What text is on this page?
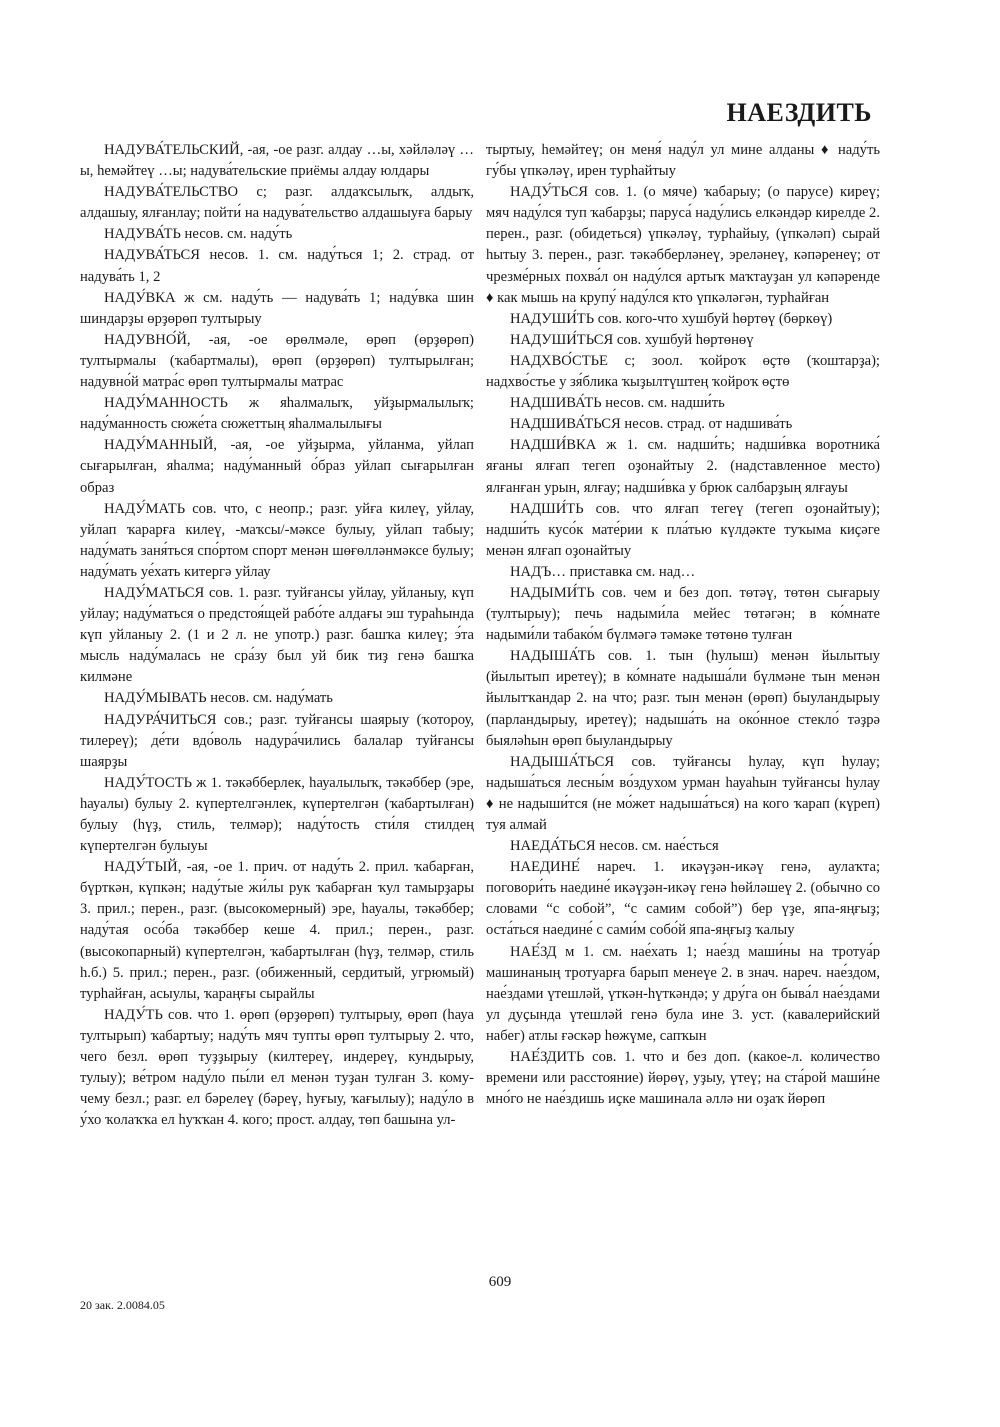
НАЕЗДИТЬ

НАДУВА́ТЕЛЬСКИЙ, -ая, -ое разг. алдау …ы, хәйләләү …ы, һемәйтеү …ы; надува́тельские приёмы алдау юлдары

НАДУВА́ТЕЛЬСТВО с; разг. алдаҡсылыҡ, алдыҡ, алдашыу, ялғанлау; пойти́ на надува́тельство алдашыуға барыу

НАДУВА́ТЬ несов. см. наду́ть

НАДУВА́ТЬСЯ несов. 1. см. наду́ться 1; 2. страд. от надува́ть 1, 2

НАДУ́ВКА ж см. наду́ть — надува́ть 1; наду́вка шин шиндарҙы өрҙөрөп тултырыу

НАДУВНО́Й, -ая, -ое өрөлмәле, өрөп (өрҙөрөп) тултырмалы (ҡабартмалы), өрөп (өрҙөрөп) тултырылған; надувно́й матра́с өрөп тултырмалы матрас

НАДУ́МАННОСТЬ ж яһалмалыҡ, уйҙырмалылыҡ; наду́манность сюже́та сюжеттың яһалмалылығы

НАДУ́МАННЫЙ, -ая, -ое уйҙырма, уйланма, уйлап сығарылған, яһалма; наду́манный о́браз уйлап сығарылған образ

НАДУ́МАТЬ сов. что, с неопр.; разг. уйға килеү, уйлау, уйлап ҡарарға килеү, -маҡсы/-мәксе булыу, уйлап табыу; наду́мать заня́ться спо́ртом спорт менән шөғөлләнмәксе булыу; наду́мать уе́хать китергә уйлау

НАДУ́МАТЬСЯ сов. 1. разг. туйғансы уйлау, уйланыу, күп уйлау; наду́маться о предстоя́щей рабо́те алдағы эш тураһында күп уйланыу 2. (1 и 2 л. не употр.) разг. башҡа килеү; э́та мысль наду́малась не сра́зу был уй бик тиҙ генә башҡа килмәне

НАДУ́МЫВАТЬ несов. см. наду́мать

НАДУРА́ЧИТЬСЯ сов.; разг. туйғансы шаярыу (ҡотороу, тилереү); де́ти вдо́воль надура́чились балалар туйғансы шаярҙы

НАДУ́ТОСТЬ ж 1. тәкәбберлек, һауалылыҡ, тәкәббер (эре, һауалы) булыу 2. күпертелгәнлек, күпертелгән (ҡабартылған) булыу (һүҙ, стиль, телмәр); наду́тость сти́ля стилдең күпертелгән булыуы

НАДУ́ТЫЙ, -ая, -ое 1. прич. от наду́ть 2. прил. ҡабарған, бүрткән, күпкән; наду́тые жи́лы рук ҡабарған ҡул тамырҙары 3. прил.; перен., разг. (высокомерный) эре, һауалы, тәкәббер; наду́тая осо́ба тәкәббер кеше 4. прил.; перен., разг. (высокопарный) күпертелгән, ҡабартылған (һүҙ, телмәр, стиль һ.б.) 5. прил.; перен., разг. (обиженный, сердитый, угрюмый) турһайған, асыулы, ҡараңғы сырайлы

НАДУ́ТЬ сов. что 1. өрөп (өрҙөрөп) тултырыу, өрөп (һауа тултырып) ҡабартыу; наду́ть мяч тупты өрөп тултырыу 2. что, чего безл. өрөп туҙҙырыу (килтереү, индереү, кундырыу, тулыу); ве́тром наду́ло пы́ли ел менән туҙан тулған 3. кому-чему безл.; разг. ел бәрелеү (бәреү, һуғыу, ҡағылыу); наду́ло в у́хо ҡолаҡҡа ел һуҡҡан 4. кого; прост. алдау, төп башына ул-

тыртыу, һемәйтеү; он меня́ наду́л ул мине алданы ♦ наду́ть гу́бы үпкәләү, ирен турһайтыу

НАДУ́ТЬСЯ сов. 1. (о мяче) ҡабарыу; (о парусе) киреү; мяч наду́лся туп ҡабарҙы; паруса́ наду́лись елкәндәр кирелде 2. перен., разг. (обидеться) үпкәләү, турһайыу, (үпкәләп) сырай һытыу 3. перен., разг. тәкәбберләнеү, эреләнеү, кәпәренеү; от чрезме́рных похва́л он наду́лся артыҡ маҡтауҙан ул кәпәренде ♦ как мышь на крупу́ наду́лся кто үпкәләгән, турһайған

НАДУШИ́ТЬ сов. кого-что хушбуй һөртөү (бөркөү)

НАДУШИ́ТЬСЯ сов. хушбуй һөртөнөү

НАДХВО́СТЬЕ с; зоол. ҡойроҡ өҫтө (ҡоштарҙа); надхво́стье у зя́блика ҡыҙылтүштең ҡойроҡ өҫтө

НАДШИВА́ТЬ несов. см. надши́ть

НАДШИВА́ТЬСЯ несов. страд. от надшива́ть

НАДШИ́ВКА ж 1. см. надши́ть; надши́вка воротника́ яғаны ялғап тегеп оҙонайтыу 2. (надставленное место) ялғанған урын, ялғау; надши́вка у брюк салбарҙың ялғауы

НАДШИ́ТЬ сов. что ялғап тегеү (тегеп оҙонайтыу); надши́ть кусо́к мате́рии к пла́тью күлдәкте туҡыма киҫәге менән ялғап оҙонайтыу

НАДЪ… приставка см. над…

НАДЫМИ́ТЬ сов. чем и без доп. төтәү, төтөн сығарыу (тултырыу); печь надыми́ла мейес төтәгән; в ко́мнате надыми́ли табако́м бүлмәгә тәмәке төтөнө тулған

НАДЫША́ТЬ сов. 1. тын (һулыш) менән йылытыу (йылытып иретеү); в ко́мнате надыша́ли бүлмәне тын менән йылытҡандар 2. на что; разг. тын менән (өрөп) быуландырыу (парландырыу, иретеү); надыша́ть на око́нное стекло́ тәҙрә быяләһын өрөп быуландырыу

НАДЫША́ТЬСЯ сов. туйғансы һулау, күп һулау; надыша́ться лесны́м во́здухом урман һауаһын туйғансы һулау ♦ не надыши́тся (не мо́жет надыша́ться) на кого ҡарап (күреп) туя алмай

НАЕДА́ТЬСЯ несов. см. нае́сться

НАЕДИНЕ́ нареч. 1. икәүҙән-икәү генә, аулаҡта; поговори́ть наедине́ икәүҙән-икәү генә һөйләшеү 2. (обычно со словами “с собой”, “с самим собой”) бер үҙе, япа-яңғыҙ; оста́ться наедине́ с сами́м собо́й япа-яңғыҙ ҡалыу

НАЕ́ЗД м 1. см. нае́хать 1; нае́зд маши́ны на тротуа́р машинаның тротуарға барып менеүе 2. в знач. нареч. нае́здом, нае́здами үтешләй, үткән-һүткәндә; у дру́га он быва́л нае́здами ул дуҫында үтешләй генә була ине 3. уст. (кавалерийский набег) атлы ғәскәр һөжүме, сапҡын

НАЕ́ЗДИТЬ сов. 1. что и без доп. (какое-л. количество времени или расстояние) йөрөү, уҙыу, үтеү; на ста́рой маши́не мно́го не нае́здишь иҫке машинала әллә ни оҙаҡ йөрөп

609
20 зак. 2.0084.05
